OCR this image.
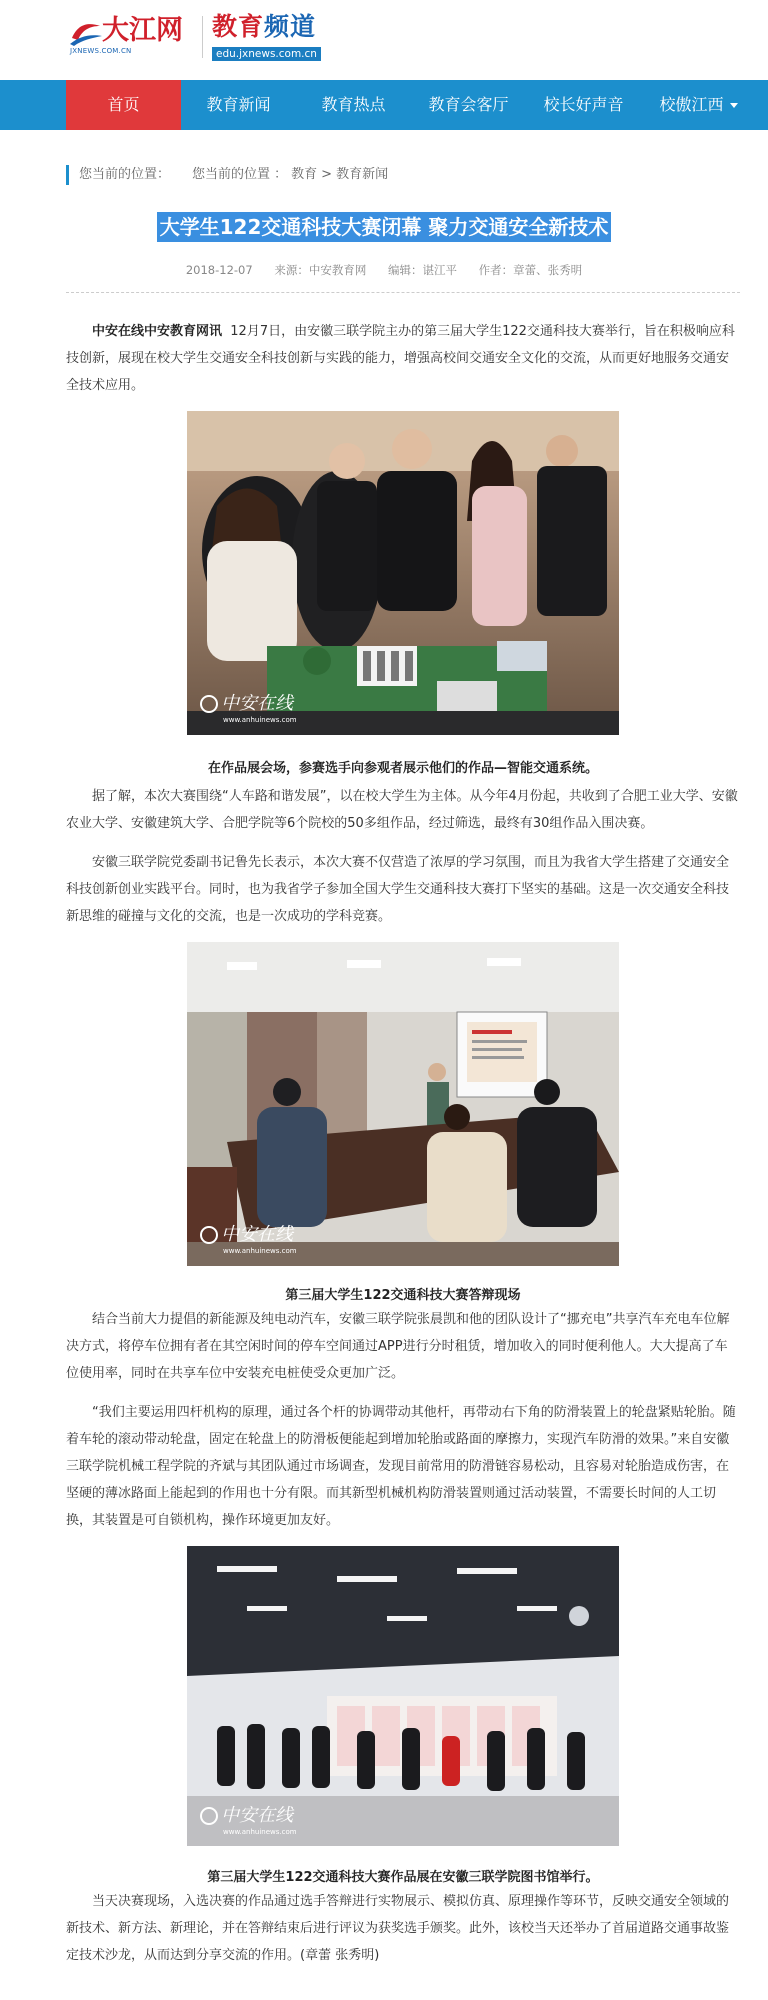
大江网
JXNEWS.COM.CN
教育频道
edu.jxnews.com.cn
首页	教育新闻	教育热点	教育会客厅	校长好声音	校傲江西
您当前的位置： 您当前的位置 ： 教育 > 教育新闻
大学生122交通科技大赛闭幕 聚力交通安全新技术
2018-12-07 来源：中安教育网 编辑：谌江平 作者：章蕾、张秀明

中安在线中安教育网讯 12月7日，由安徽三联学院主办的第三届大学生122交通科技大赛举行，旨在积极响应科技创新，展现在校大学生交通安全科技创新与实践的能力，增强高校间交通安全文化的交流，从而更好地服务交通安全技术应用。

中安在线
www.anhuinews.com
在作品展会场，参赛选手向参观者展示他们的作品—智能交通系统。

据了解，本次大赛围绕“人车路和谐发展”，以在校大学生为主体。从今年4月份起，共收到了合肥工业大学、安徽农业大学、安徽建筑大学、合肥学院等6个院校的50多组作品，经过筛选，最终有30组作品入围决赛。

安徽三联学院党委副书记鲁先长表示，本次大赛不仅营造了浓厚的学习氛围，而且为我省大学生搭建了交通安全科技创新创业实践平台。同时，也为我省学子参加全国大学生交通科技大赛打下坚实的基础。这是一次交通安全科技新思维的碰撞与文化的交流，也是一次成功的学科竞赛。

中安在线
www.anhuinews.com
第三届大学生122交通科技大赛答辩现场

结合当前大力提倡的新能源及纯电动汽车，安徽三联学院张晨凯和他的团队设计了“挪充电”共享汽车充电车位解决方式，将停车位拥有者在其空闲时间的停车空间通过APP进行分时租赁，增加收入的同时便利他人。大大提高了车位使用率，同时在共享车位中安装充电桩使受众更加广泛。

“我们主要运用四杆机构的原理，通过各个杆的协调带动其他杆，再带动右下角的防滑装置上的轮盘紧贴轮胎。随着车轮的滚动带动轮盘，固定在轮盘上的防滑板便能起到增加轮胎或路面的摩擦力，实现汽车防滑的效果。”来自安徽三联学院机械工程学院的齐斌与其团队通过市场调查，发现目前常用的防滑链容易松动，且容易对轮胎造成伤害，在坚硬的薄冰路面上能起到的作用也十分有限。而其新型机械机构防滑装置则通过活动装置，不需要长时间的人工切换，其装置是可自锁机构，操作环境更加友好。

中安在线
www.anhuinews.com
第三届大学生122交通科技大赛作品展在安徽三联学院图书馆举行。

当天决赛现场，入选决赛的作品通过选手答辩进行实物展示、模拟仿真、原理操作等环节，反映交通安全领域的新技术、新方法、新理论，并在答辩结束后进行评议为获奖选手颁奖。此外，该校当天还举办了首届道路交通事故鉴定技术沙龙，从而达到分享交流的作用。(章蕾 张秀明)
